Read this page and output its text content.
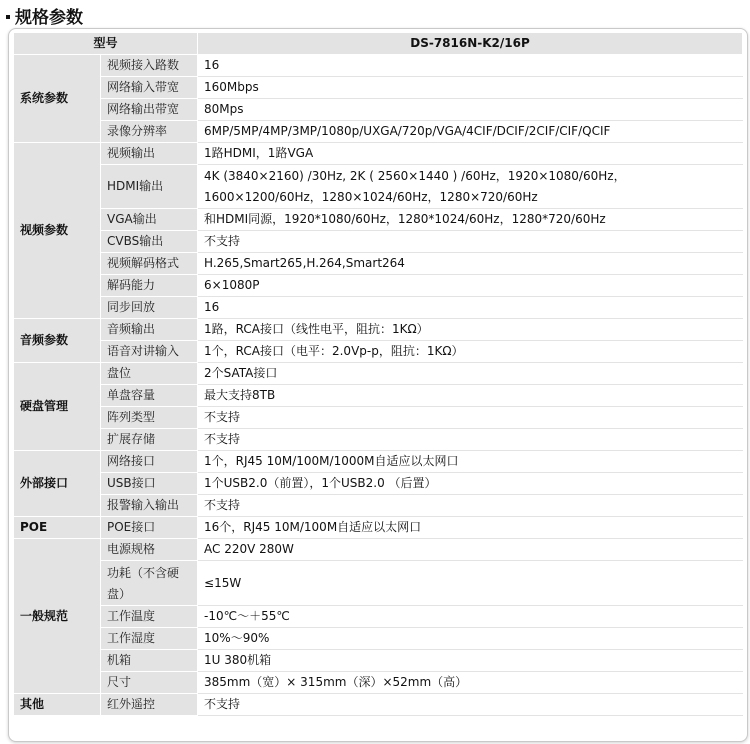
规格参数
型号		DS-7816N-K2/16P
系统参数	视频接入路数	16
	网络输入带宽	160Mbps
	网络输出带宽	80Mps
	录像分辨率	6MP/5MP/4MP/3MP/1080p/UXGA/720p/VGA/4CIF/DCIF/2CIF/CIF/QCIF
视频参数	视频输出	1路HDMI，1路VGA
	HDMI输出	4K (3840×2160) /30Hz, 2K ( 2560×1440 ) /60Hz，1920×1080/60Hz，1600×1200/60Hz，1280×1024/60Hz，1280×720/60Hz
	VGA输出	和HDMI同源，1920*1080/60Hz，1280*1024/60Hz，1280*720/60Hz
	CVBS输出	不支持
	视频解码格式	H.265,Smart265,H.264,Smart264
	解码能力	6×1080P
	同步回放	16
音频参数	音频输出	1路，RCA接口（线性电平，阻抗：1KΩ）
	语音对讲输入	1个，RCA接口（电平：2.0Vp-p，阻抗：1KΩ）
硬盘管理	盘位	2个SATA接口
	单盘容量	最大支持8TB
	阵列类型	不支持
	扩展存储	不支持
外部接口	网络接口	1个，RJ45 10M/100M/1000M自适应以太网口
	USB接口	1个USB2.0（前置），1个USB2.0 （后置）
	报警输入输出	不支持
POE	POE接口	16个，RJ45 10M/100M自适应以太网口
一般规范	电源规格	AC 220V 280W
	功耗（不含硬盘）	≤15W
	工作温度	-10℃～＋55℃
	工作湿度	10%～90%
	机箱	1U 380机箱
	尺寸	385mm（宽）× 315mm（深）×52mm（高）
其他	红外遥控	不支持
